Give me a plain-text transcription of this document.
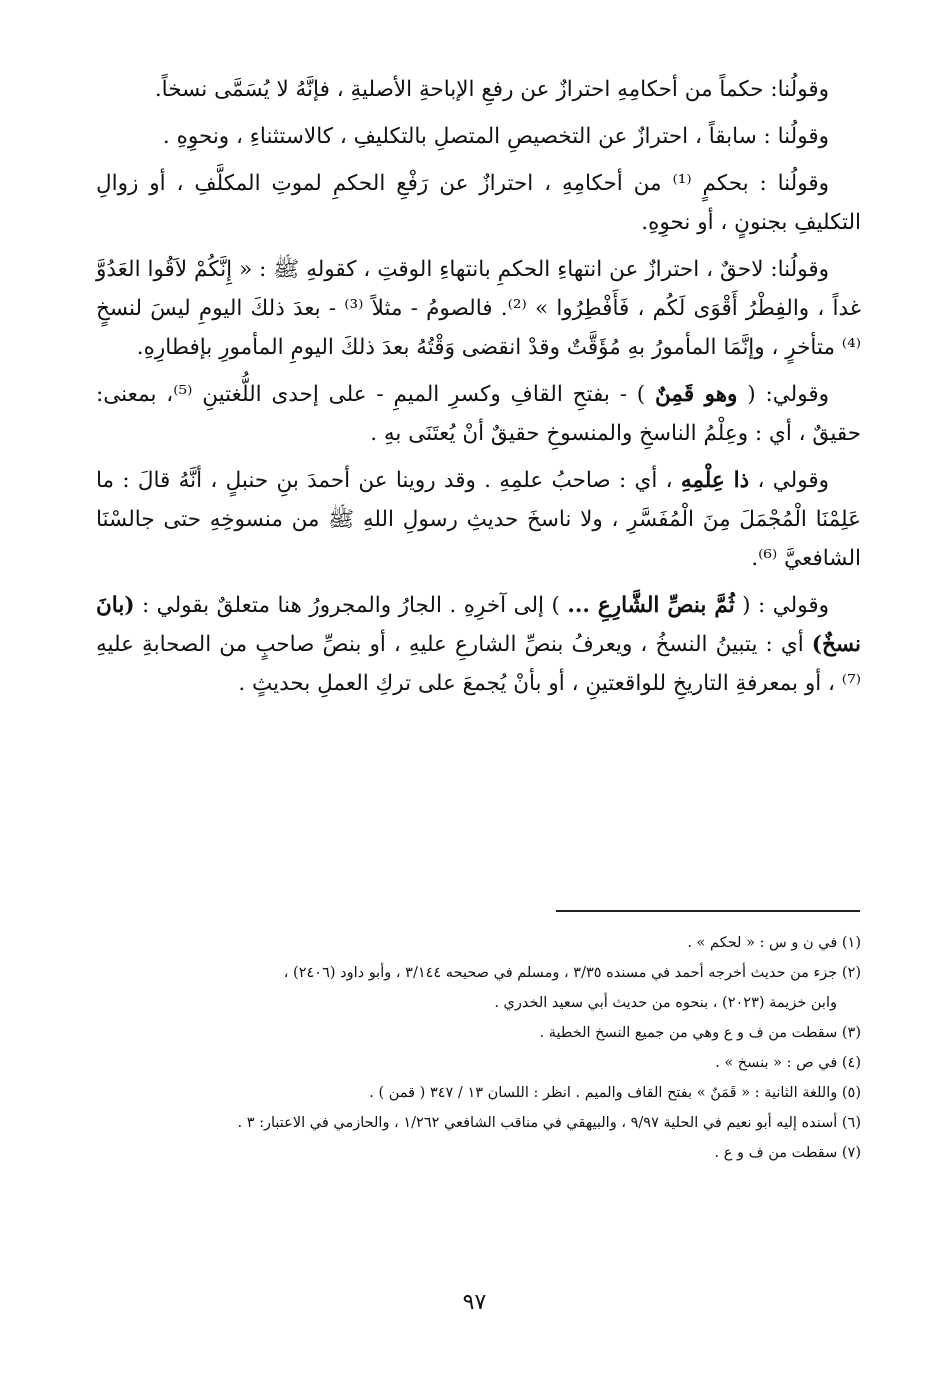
وقولُنا: حكماً من أحكامِهِ احترازٌ عن رفعِ الإباحةِ الأصليةِ ، فإنَّهُ لا يُسَمَّى نسخاً.

وقولُنا : سابقاً ، احترازٌ عن التخصيصِ المتصلِ بالتكليفِ ، كالاستثناءِ ، ونحوِهِ .

وقولُنا : بحكمٍ ⁽¹⁾ من أحكامِهِ ، احترازٌ عن رَفْعِ الحكمِ لموتِ المكلَّفِ ، أو زوالِ التكليفِ بجنونٍ ، أو نحوِهِ.

وقولُنا: لاحقٌ ، احترازٌ عن انتهاءِ الحكمِ بانتهاءِ الوقتِ ، كقولهِ ﷺ : « إِنَّكُمْ لاَقُوا العَدُوَّ غداً ، والفِطْرُ أَقْوَى لَكُم ، فَأَفْطِرُوا » ⁽²⁾. فالصومُ - مثلاً ⁽³⁾ - بعدَ ذلكَ اليومِ ليسَ لنسخٍ ⁽⁴⁾ متأخرٍ ، وإنَّمَا المأمورُ بهِ مُؤَقَّتٌ وقدْ انقضى وَقْتُهُ بعدَ ذلكَ اليومِ المأمورِ بإفطارِهِ.

وقولي: ( وهو قَمِنٌ ) - بفتحِ القافِ وكسرِ الميمِ - على إحدى اللُّغتينِ ⁽⁵⁾، بمعنى: حقيقٌ ، أي : وعِلْمُ الناسخِ والمنسوخِ حقيقٌ أنْ يُعتَنَى بهِ .

وقولي ، ذا عِلْمِهِ ، أي : صاحبُ علمِهِ . وقد روينا عن أحمدَ بنِ حنبلٍ ، أنَّهُ قالَ : ما عَلِمْنَا الْمُجْمَلَ مِنَ الْمُفَسَّرِ ، ولا ناسخَ حديثِ رسولِ اللهِ ﷺ من منسوخِهِ حتى جالسْنَا الشافعيَّ ⁽⁶⁾.

وقولي : ( ثُمَّ بنصِّ الشَّارِعِ ... ) إلى آخرِهِ . الجارُ والمجرورُ هنا متعلقٌ بقولي : (بانَ نسخٌ) أي : يتبينُ النسخُ ، ويعرفُ بنصِّ الشارعِ عليهِ ، أو بنصِّ صاحبٍ من الصحابةِ عليهِ ⁽⁷⁾ ، أو بمعرفةِ التاريخِ للواقعتينِ ، أو بأنْ يُجمعَ على تركِ العملِ بحديثٍ .

(١) في ن و س : « لحكم » .

(٢) جزء من حديث أخرجه أحمد في مسنده ٣/٣٥ ، ومسلم في صحيحه ٣/١٤٤ ، وأبو داود (٢٤٠٦) ،

وابن خزيمة (٢٠٢٣) ، بنحوه من حديث أبي سعيد الخدري .

(٣) سقطت من ف و ع وهي من جميع النسخ الخطية .

(٤) في ص : « بنسخ » .

(٥) واللغة الثانية : « قَمَنٌ » بفتح القاف والميم . انظر : اللسان ١٣ / ٣٤٧ ( قمن ) .

(٦) أسنده إليه أبو نعيم في الحلية ٩/٩٧ ، والبيهقي في مناقب الشافعي ١/٢٦٢ ، والحازمي في الاعتبار: ٣ .

(٧) سقطت من ف و ع .

٩٧
